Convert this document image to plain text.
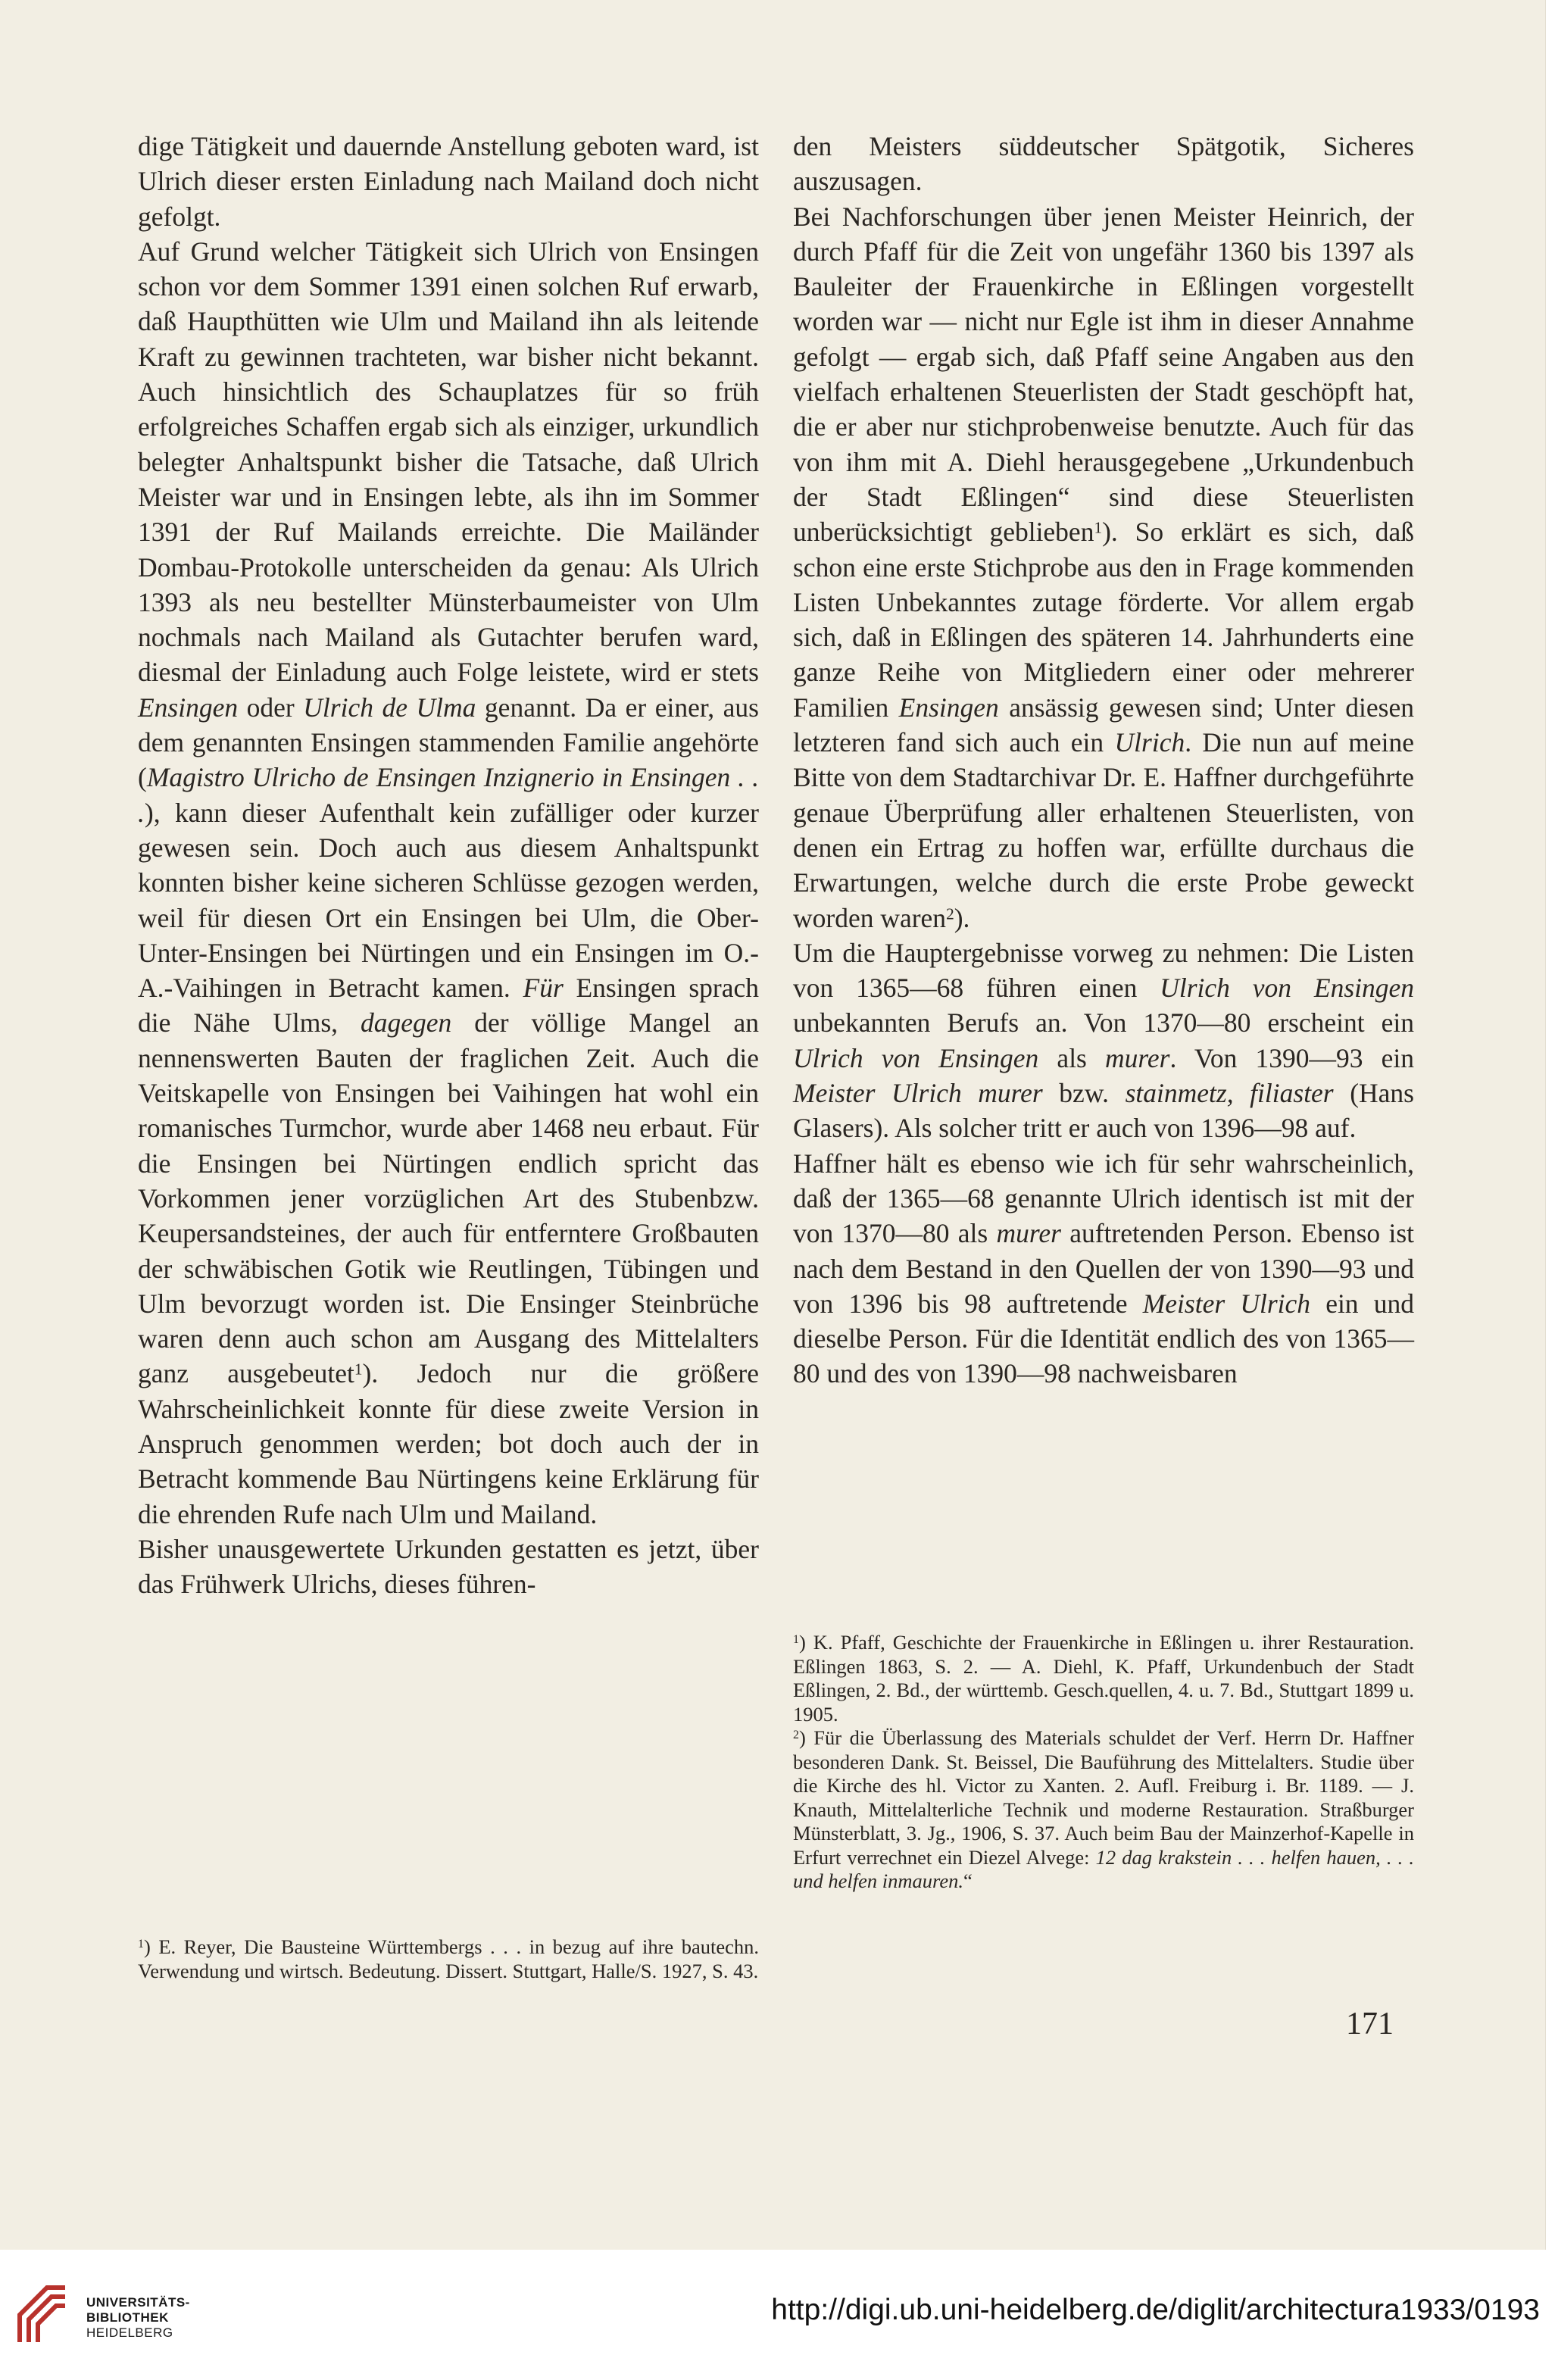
dige Tätigkeit und dauernde Anstellung geboten ward, ist Ulrich dieser ersten Einladung nach Mailand doch nicht gefolgt.

Auf Grund welcher Tätigkeit sich Ulrich von Ensingen schon vor dem Sommer 1391 einen solchen Ruf erwarb, daß Haupthütten wie Ulm und Mailand ihn als leitende Kraft zu gewinnen trachteten, war bisher nicht bekannt. Auch hinsichtlich des Schauplatzes für so früh erfolgreiches Schaffen ergab sich als einziger, urkundlich belegter Anhaltspunkt bisher die Tatsache, daß Ulrich Meister war und in Ensingen lebte, als ihn im Sommer 1391 der Ruf Mailands erreichte. Die Mailänder Dombau-Protokolle unterscheiden da genau: Als Ulrich 1393 als neu bestellter Münsterbaumeister von Ulm nochmals nach Mailand als Gutachter berufen ward, diesmal der Einladung auch Folge leistete, wird er stets Ensingen oder Ulrich de Ulma genannt. Da er einer, aus dem genannten Ensingen stammenden Familie angehörte (Magistro Ulricho de Ensingen Inzignerio in Ensingen . . .), kann dieser Aufenthalt kein zufälliger oder kurzer gewesen sein. Doch auch aus diesem Anhaltspunkt konnten bisher keine sicheren Schlüsse gezogen werden, weil für diesen Ort ein Ensingen bei Ulm, die Ober-Unter-Ensingen bei Nürtingen und ein Ensingen im O.-A.-Vaihingen in Betracht kamen. Für Ensingen sprach die Nähe Ulms, dagegen der völlige Mangel an nennenswerten Bauten der fraglichen Zeit. Auch die Veitskapelle von Ensingen bei Vaihingen hat wohl ein romanisches Turmchor, wurde aber 1468 neu erbaut. Für die Ensingen bei Nürtingen endlich spricht das Vorkommen jener vorzüglichen Art des Stubenbzw. Keupersandsteines, der auch für entferntere Großbauten der schwäbischen Gotik wie Reutlingen, Tübingen und Ulm bevorzugt worden ist. Die Ensinger Steinbrüche waren denn auch schon am Ausgang des Mittelalters ganz ausgebeutet$^1$). Jedoch nur die größere Wahrscheinlichkeit konnte für diese zweite Version in Anspruch genommen werden; bot doch auch der in Betracht kommende Bau Nürtingens keine Erklärung für die ehrenden Rufe nach Ulm und Mailand.

Bisher unausgewertete Urkunden gestatten es jetzt, über das Frühwerk Ulrichs, dieses führen-

$^1$) E. Reyer, Die Bausteine Württembergs . . . in bezug auf ihre bautechn. Verwendung und wirtsch. Bedeutung. Dissert. Stuttgart, Halle/S. 1927, S. 43.

den Meisters süddeutscher Spätgotik, Sicheres auszusagen.

Bei Nachforschungen über jenen Meister Heinrich, der durch Pfaff für die Zeit von ungefähr 1360 bis 1397 als Bauleiter der Frauenkirche in Eßlingen vorgestellt worden war — nicht nur Egle ist ihm in dieser Annahme gefolgt — ergab sich, daß Pfaff seine Angaben aus den vielfach erhaltenen Steuerlisten der Stadt geschöpft hat, die er aber nur stichprobenweise benutzte. Auch für das von ihm mit A. Diehl herausgegebene „Urkundenbuch der Stadt Eßlingen“ sind diese Steuerlisten unberücksichtigt geblieben$^1$). So erklärt es sich, daß schon eine erste Stichprobe aus den in Frage kommenden Listen Unbekanntes zutage förderte. Vor allem ergab sich, daß in Eßlingen des späteren 14. Jahrhunderts eine ganze Reihe von Mitgliedern einer oder mehrerer Familien Ensingen ansässig gewesen sind; Unter diesen letzteren fand sich auch ein Ulrich. Die nun auf meine Bitte von dem Stadtarchivar Dr. E. Haffner durchgeführte genaue Überprüfung aller erhaltenen Steuerlisten, von denen ein Ertrag zu hoffen war, erfüllte durchaus die Erwartungen, welche durch die erste Probe geweckt worden waren$^2$).

Um die Hauptergebnisse vorweg zu nehmen: Die Listen von 1365—68 führen einen Ulrich von Ensingen unbekannten Berufs an. Von 1370—80 erscheint ein Ulrich von Ensingen als murer. Von 1390—93 ein Meister Ulrich murer bzw. stainmetz, filiaster (Hans Glasers). Als solcher tritt er auch von 1396—98 auf.

Haffner hält es ebenso wie ich für sehr wahrscheinlich, daß der 1365—68 genannte Ulrich identisch ist mit der von 1370—80 als murer auftretenden Person. Ebenso ist nach dem Bestand in den Quellen der von 1390—93 und von 1396 bis 98 auftretende Meister Ulrich ein und dieselbe Person. Für die Identität endlich des von 1365—80 und des von 1390—98 nachweisbaren

$^1$) K. Pfaff, Geschichte der Frauenkirche in Eßlingen u. ihrer Restauration. Eßlingen 1863, S. 2. — A. Diehl, K. Pfaff, Urkundenbuch der Stadt Eßlingen, 2. Bd., der württemb. Gesch.quellen, 4. u. 7. Bd., Stuttgart 1899 u. 1905.

$^2$) Für die Überlassung des Materials schuldet der Verf. Herrn Dr. Haffner besonderen Dank. St. Beissel, Die Bauführung des Mittelalters. Studie über die Kirche des hl. Victor zu Xanten. 2. Aufl. Freiburg i. Br. 1189. — J. Knauth, Mittelalterliche Technik und moderne Restauration. Straßburger Münsterblatt, 3. Jg., 1906, S. 37. Auch beim Bau der Mainzerhof-Kapelle in Erfurt verrechnet ein Diezel Alvege: 12 dag krakstein . . . helfen hauen, . . . und helfen inmauren.“

171
UNIVERSITÄTS-
BIBLIOTHEK
HEIDELBERG
http://digi.ub.uni-heidelberg.de/diglit/architectura1933/0193
